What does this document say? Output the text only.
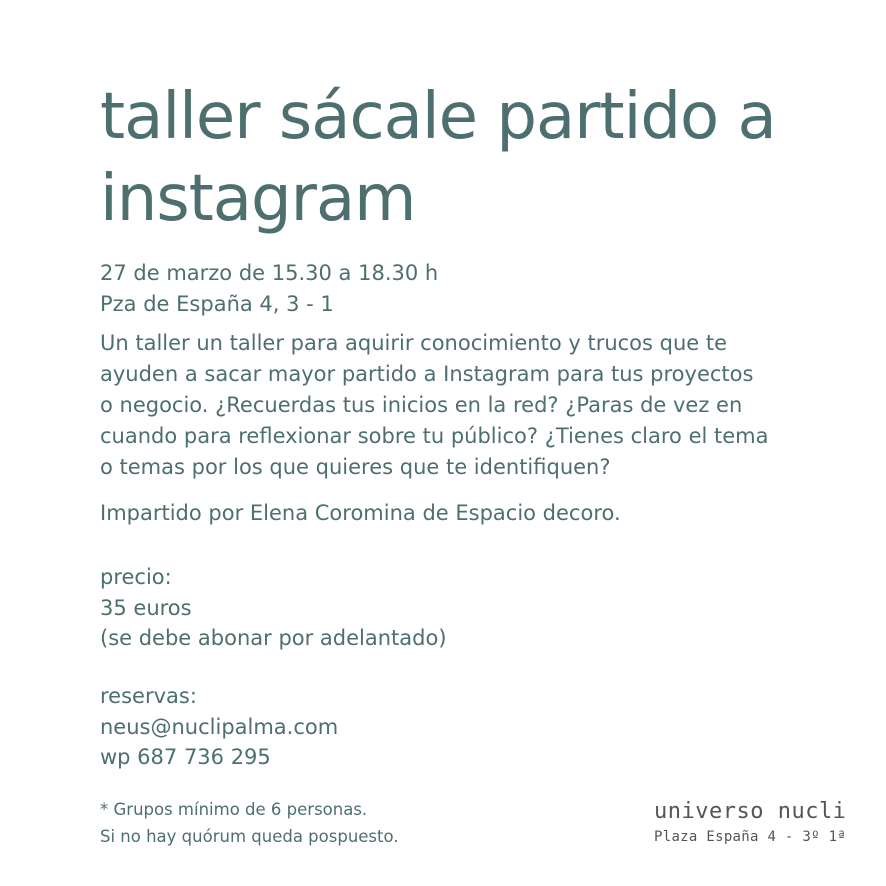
taller sácale partido a
instagram
27 de marzo de 15.30 a 18.30 h
Pza de España 4, 3 - 1
Un taller un taller para aquirir conocimiento y trucos que te
ayuden a sacar mayor partido a Instagram para tus proyectos
o negocio. ¿Recuerdas tus inicios en la red? ¿Paras de vez en
cuando para reflexionar sobre tu público? ¿Tienes claro el tema
o temas por los que quieres que te identifiquen?
Impartido por Elena Coromina de Espacio decoro.
precio:
35 euros
(se debe abonar por adelantado)
reservas:
neus@nuclipalma.com
wp 687 736 295
* Grupos mínimo de 6 personas.
Si no hay quórum queda pospuesto.
universo nucli
Plaza España 4 - 3º 1ª
